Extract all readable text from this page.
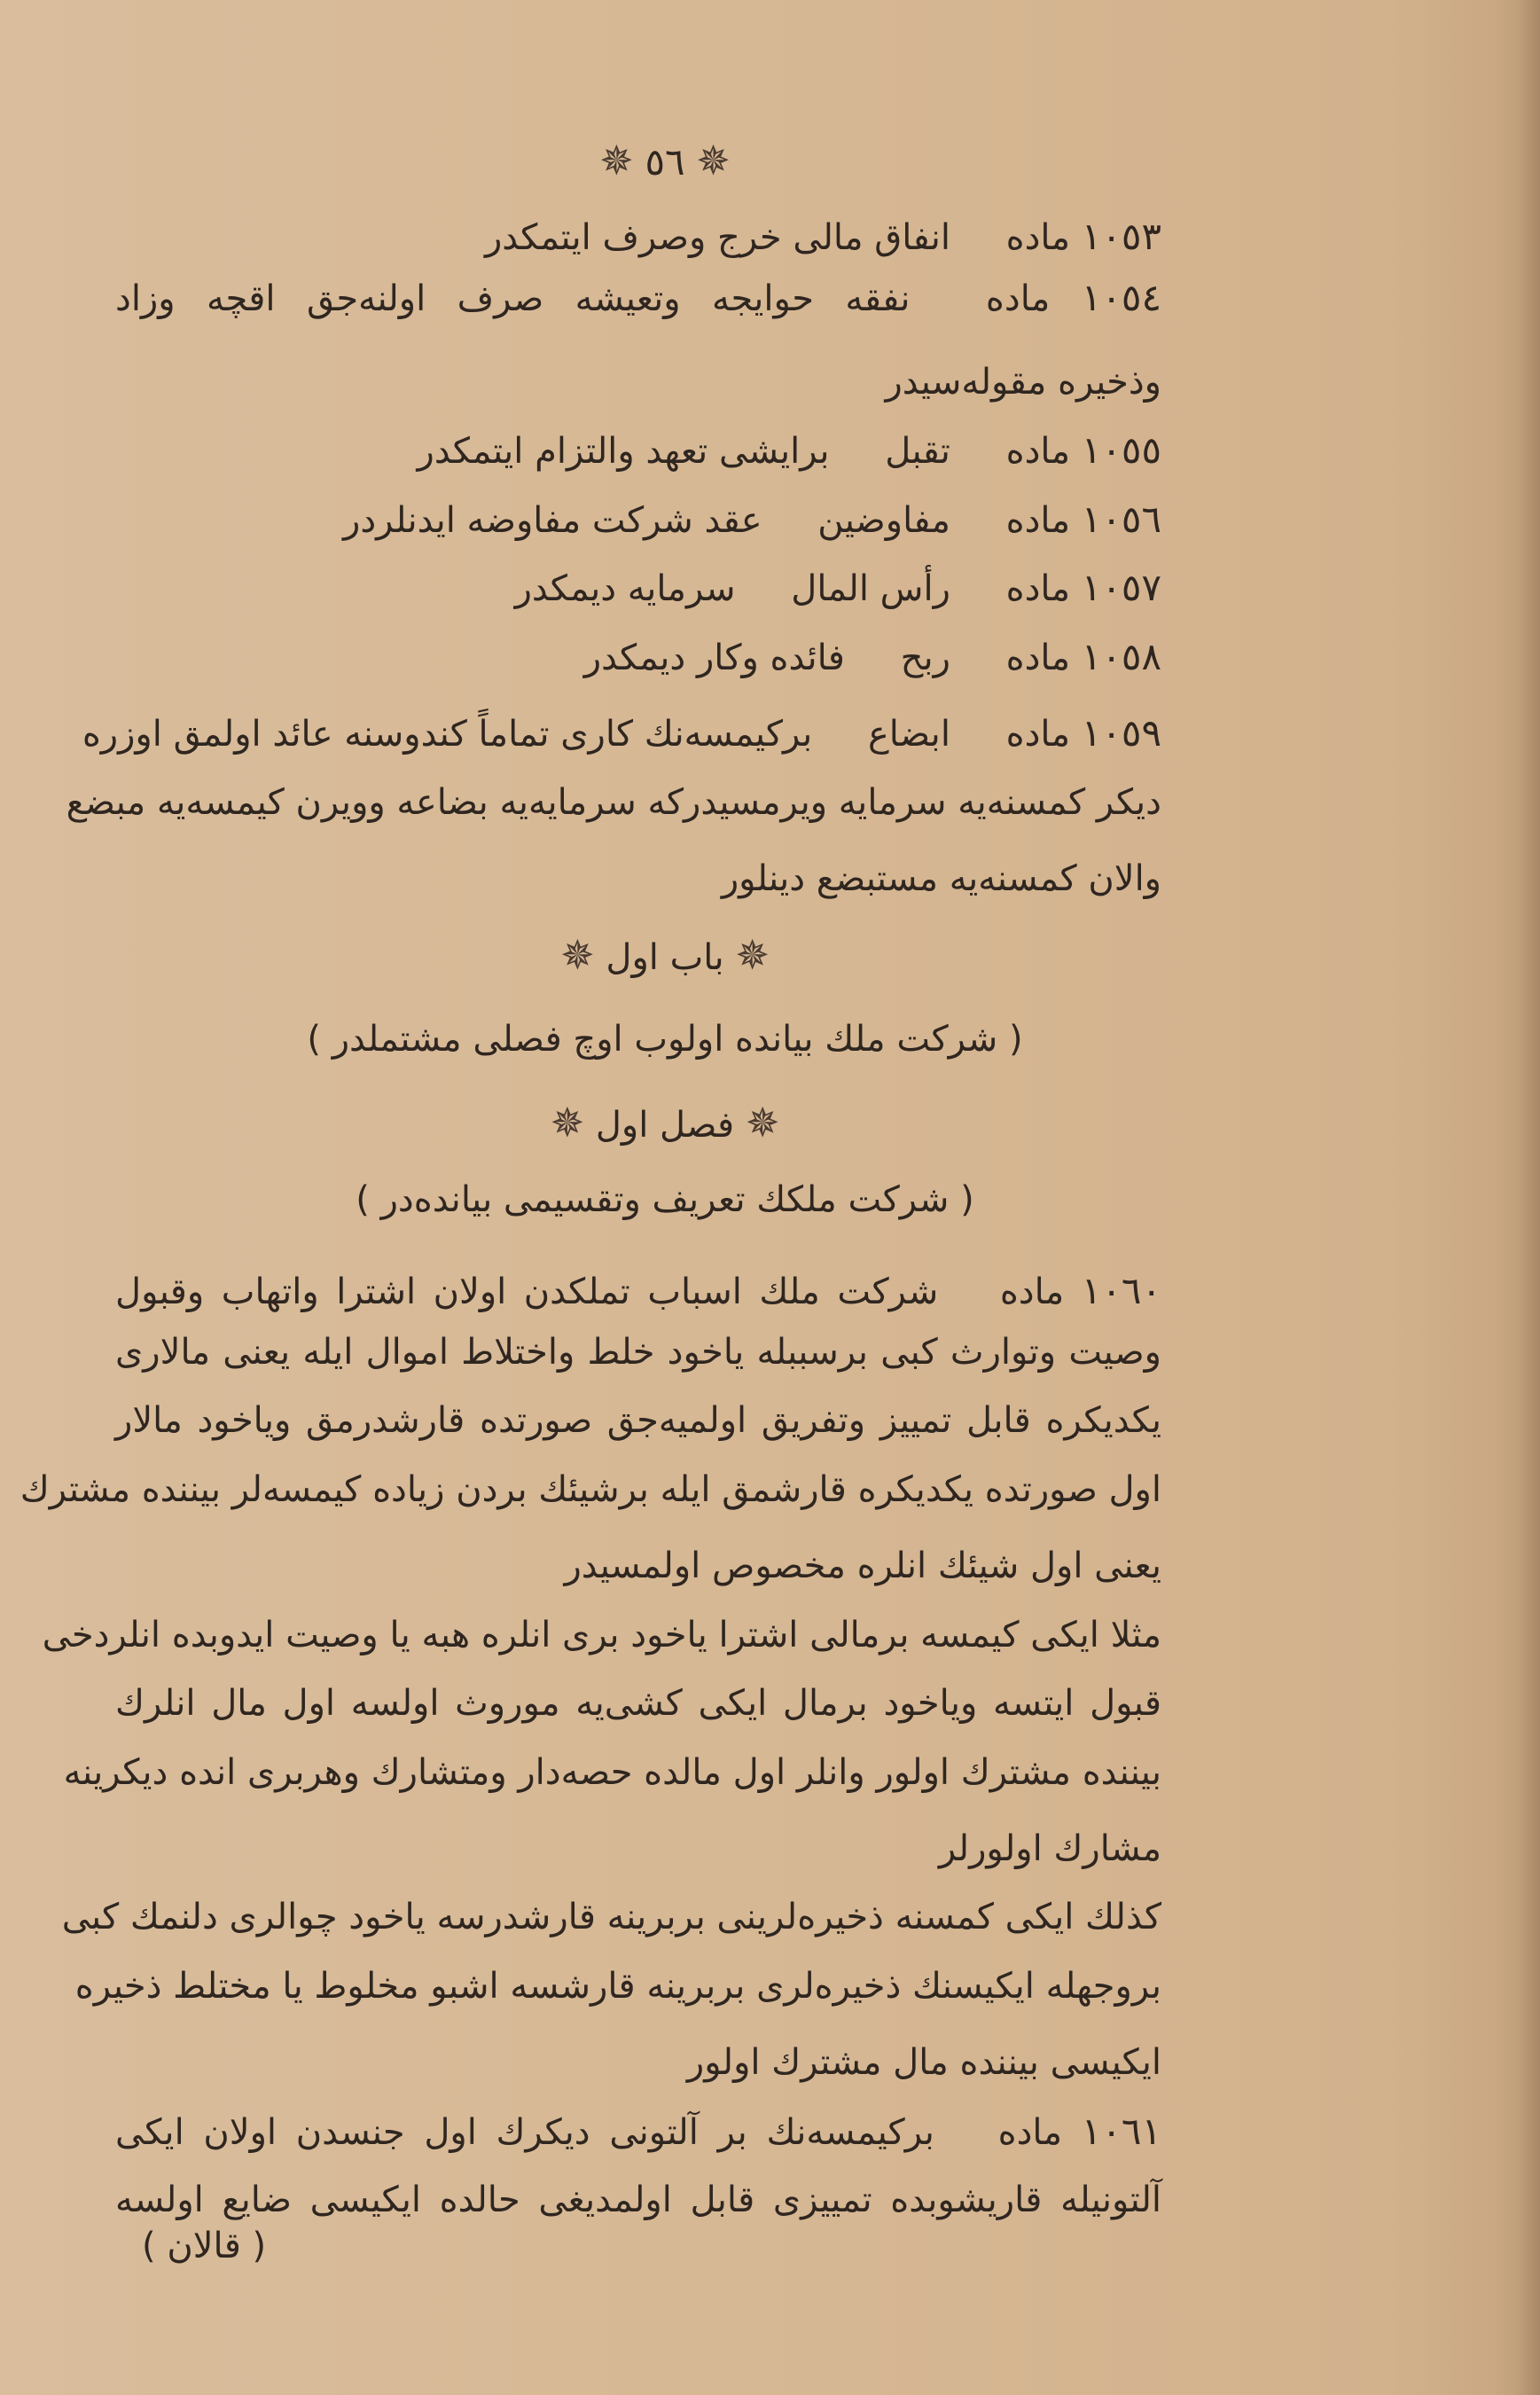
✵ ٥٦ ✵
١٠٥٣ ماده انفاق مالی خرج وصرف ایتمکدر
١٠٥٤ ماده نفقه حوایجه وتعیشه صرف اولنه‌جق اقچه وزاد
وذخیره مقوله‌سیدر
١٠٥٥ ماده تقبل برایشی تعهد والتزام ایتمکدر
١٠٥٦ ماده مفاوضین عقد شرکت مفاوضه ایدنلردر
١٠٥٧ ماده رأس المال سرمایه دیمکدر
١٠٥٨ ماده ربح فائده وکار دیمکدر
١٠٥٩ ماده ابضاع برکیمسه‌نك کاری تماماً کندوسنه عائد اولمق اوزره
دیکر کمسنه‌یه سرمایه ویرمسیدرکه سرمایه‌یه بضاعه وویرن کیمسه‌یه مبضع
والان کمسنه‌یه مستبضع دینلور
✵ باب اول ✵
( شرکت ملك بیانده اولوب اوچ فصلی مشتملدر )
✵ فصل اول ✵
( شرکت ملکك تعریف وتقسیمی بیانده‌در )
١٠٦٠ ماده شرکت ملك اسباب تملکدن اولان اشترا واتهاب وقبول
وصیت وتوارث کبی برسببله یاخود خلط واختلاط اموال ایله یعنی مالاری
یکدیکره قابل تمییز وتفریق اولمیه‌جق صورتده قارشدرمق ویاخود مالار
اول صورتده یکدیکره قارشمق ایله برشیئك بردن زیاده کیمسه‌لر بیننده مشترك
یعنی اول شیئك انلره مخصوص اولمسیدر
مثلا ایکی کیمسه برمالی اشترا یاخود بری انلره هبه یا وصیت ایدوبده انلردخی
قبول ایتسه ویاخود برمال ایکی کشی‌یه موروث اولسه اول مال انلرك
بیننده مشترك اولور وانلر اول مالده حصه‌دار ومتشارك وهربری انده دیکرینه
مشارك اولورلر
کذلك ایکی کمسنه ذخیره‌لرینی بربرینه قارشدرسه یاخود چوالری دلنمك کبی
بروجهله ایکیسنك ذخیره‌لری بربرینه قارشسه اشبو مخلوط یا مختلط ذخیره
ایکیسی بیننده مال مشترك اولور
١٠٦١ ماده برکیمسه‌نك بر آلتونی دیکرك اول جنسدن اولان ایکی
آلتونیله قاریشوبده تمییزی قابل اولمدیغی حالده ایکیسی ضایع اولسه
( قالان )
